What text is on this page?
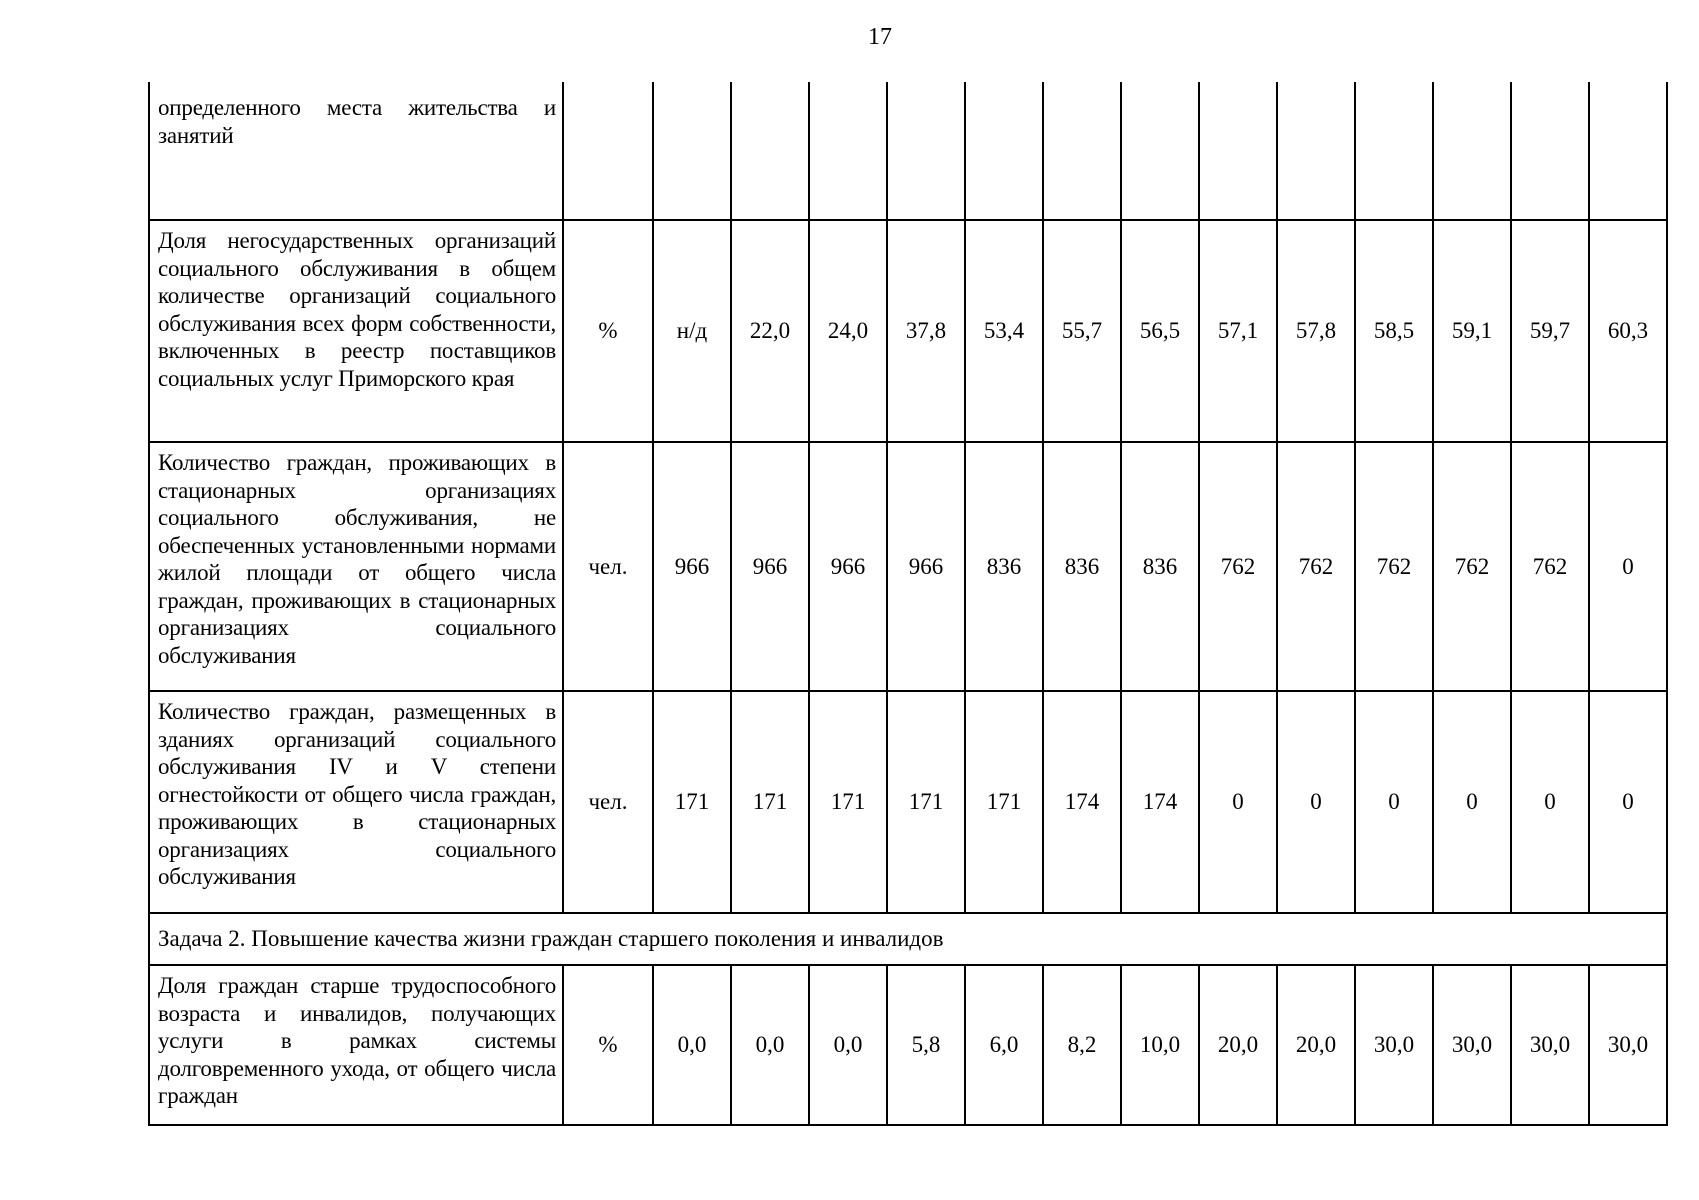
17
определенного места жительства и занятий														
Доля негосударственных организаций социального обслуживания в общем количестве организаций социального обслуживания всех форм собственности, включенных в реестр поставщиков социальных услуг Приморского края	%	н/д	22,0	24,0	37,8	53,4	55,7	56,5	57,1	57,8	58,5	59,1	59,7	60,3
Количество граждан, проживающих в стационарных организациях социального обслуживания, не обеспеченных установленными нормами жилой площади от общего числа граждан, проживающих в стационарных организациях социального обслуживания	чел.	966	966	966	966	836	836	836	762	762	762	762	762	0
Количество граждан, размещенных в зданиях организаций социального обслуживания IV и V степени огнестойкости от общего числа граждан, проживающих в стационарных организациях социального обслуживания	чел.	171	171	171	171	171	174	174	0	0	0	0	0	0
Задача 2. Повышение качества жизни граждан старшего поколения и инвалидов														
Доля граждан старше трудоспособного возраста и инвалидов, получающих услуги в рамках системы долговременного ухода, от общего числа граждан	%	0,0	0,0	0,0	5,8	6,0	8,2	10,0	20,0	20,0	30,0	30,0	30,0	30,0
